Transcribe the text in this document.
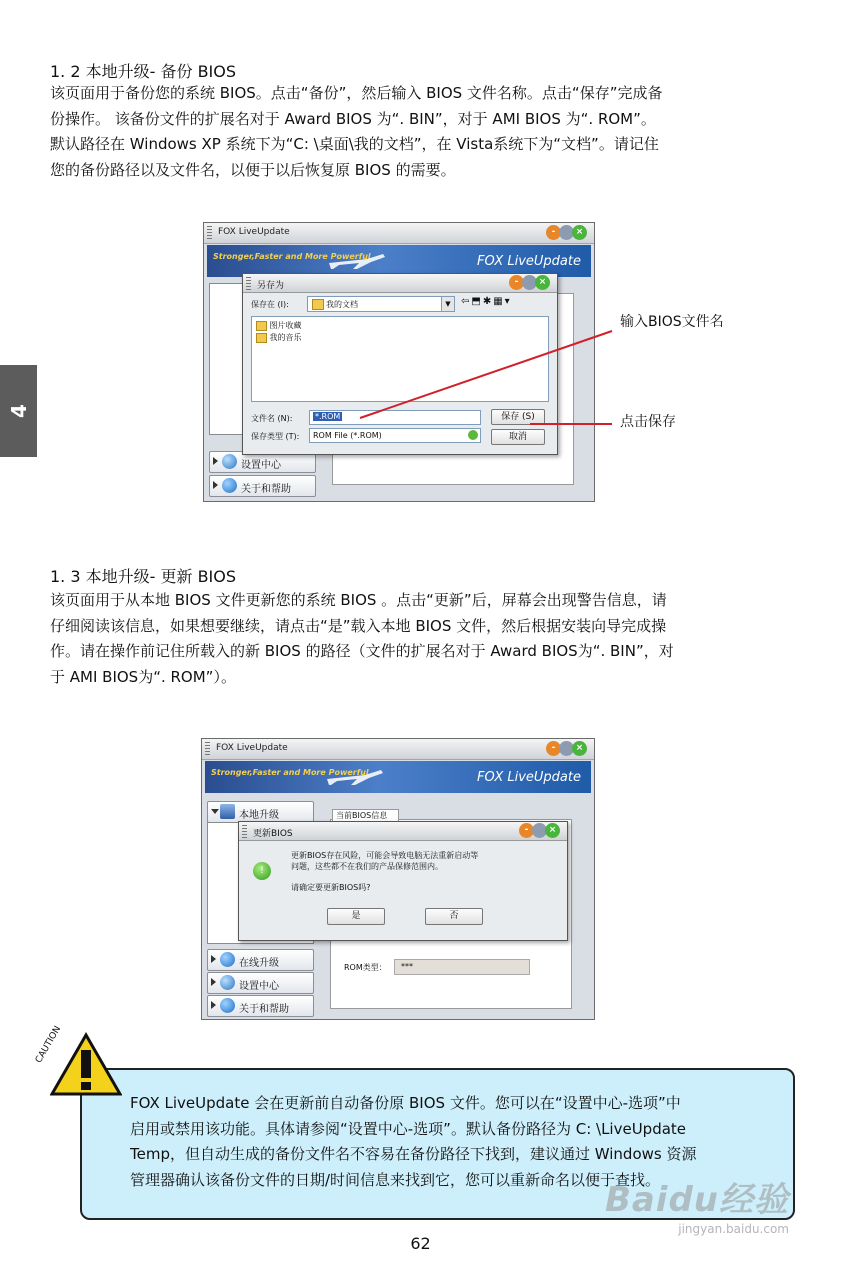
1. 2 本地升级- 备份 BIOS
该页面用于备份您的系统 BIOS。点击“备份”，然后输入 BIOS 文件名称。点击“保存”完成备
份操作。 该备份文件的扩展名对于 Award BIOS 为“. BIN”，对于 AMI BIOS 为“. ROM”。
默认路径在 Windows XP 系统下为“C: \桌面\我的文档”，在 Vista系统下为“文档”。请记住
您的备份路径以及文件名，以便于以后恢复原 BIOS 的需要。
4
FOX LiveUpdate	-	×
Stronger,Faster and More Powerful	FOX LiveUpdate
设置中心
关于和帮助
另存为	-	×
保存在 (I):	我的文档	▼	⇦⬒✱▦▾
图片收藏
我的音乐
文件名 (N):	*.ROM
保存类型 (T): ROM File (*.ROM)
保存 (S)
取消
输入BIOS文件名
点击保存
1. 3 本地升级- 更新 BIOS
该页面用于从本地 BIOS 文件更新您的系统 BIOS 。点击“更新”后，屏幕会出现警告信息，请
仔细阅读该信息，如果想要继续，请点击“是”载入本地 BIOS 文件，然后根据安装向导完成操
作。请在操作前记住所载入的新 BIOS 的路径（文件的扩展名对于 Award BIOS为“. BIN”，对
于 AMI BIOS为“. ROM”）。
FOX LiveUpdate	-	×
Stronger,Faster and More Powerful	FOX LiveUpdate
本地升级	当前BIOS信息
ROM类型： ***
在线升级
设置中心
关于和帮助
更新BIOS	-	×
!
更新BIOS存在风险，可能会导致电脑无法重新启动等
问题，这些都不在我们的产品保修范围内。
请确定要更新BIOS吗?
是	否
CAUTION
FOX LiveUpdate 会在更新前自动备份原 BIOS 文件。您可以在“设置中心-选项”中
启用或禁用该功能。具体请参阅“设置中心-选项”。默认备份路径为 C: \LiveUpdate
Temp，但自动生成的备份文件名不容易在备份路径下找到，建议通过 Windows 资源
管理器确认该备份文件的日期/时间信息来找到它，您可以重新命名以便于查找。
Baidu经验
jingyan.baidu.com
62
